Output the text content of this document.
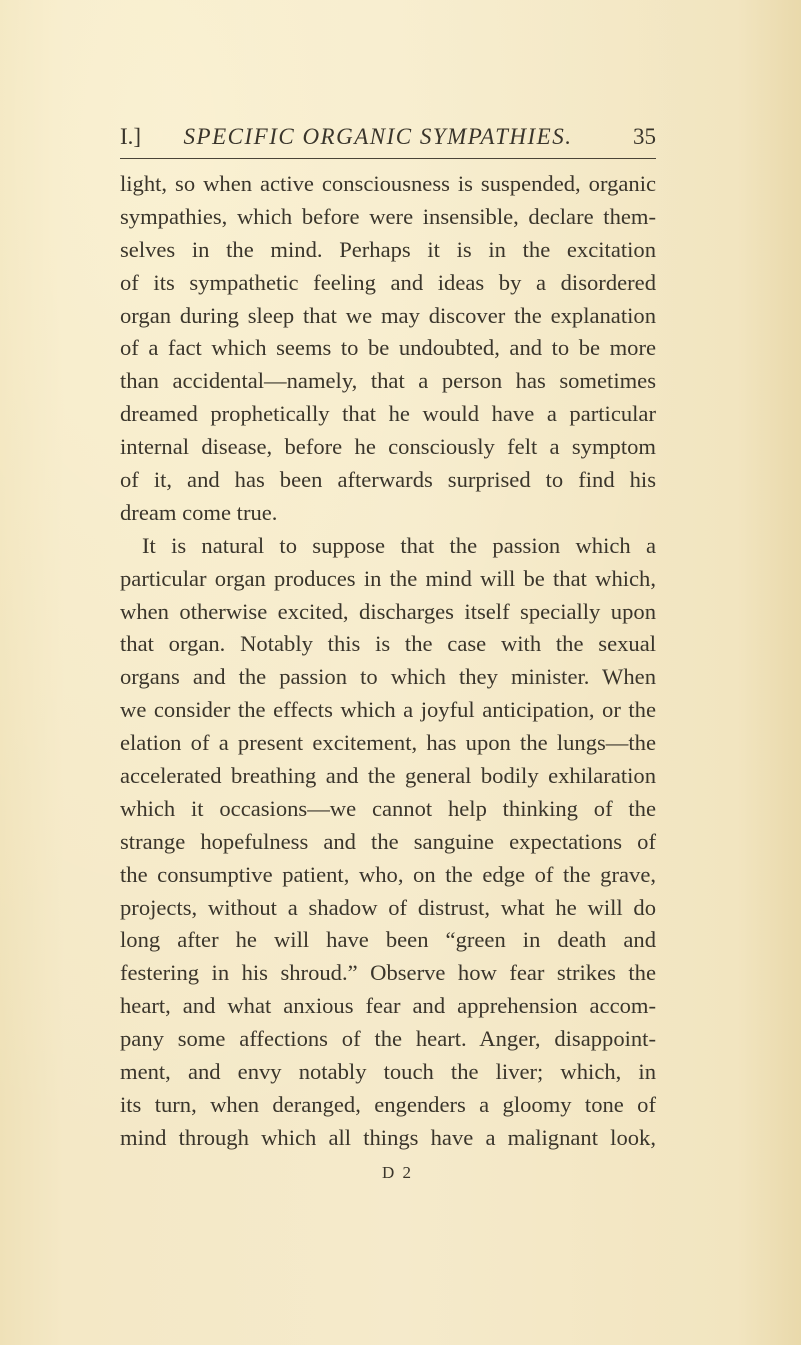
I.]	SPECIFIC ORGANIC SYMPATHIES.	35
light, so when active consciousness is suspended, organic
sympathies, which before were insensible, declare them-
selves in the mind. Perhaps it is in the excitation
of its sympathetic feeling and ideas by a disordered
organ during sleep that we may discover the explanation
of a fact which seems to be undoubted, and to be more
than accidental—namely, that a person has sometimes
dreamed prophetically that he would have a particular
internal disease, before he consciously felt a symptom
of it, and has been afterwards surprised to find his
dream come true.
It is natural to suppose that the passion which a
particular organ produces in the mind will be that which,
when otherwise excited, discharges itself specially upon
that organ. Notably this is the case with the sexual
organs and the passion to which they minister. When
we consider the effects which a joyful anticipation, or the
elation of a present excitement, has upon the lungs—the
accelerated breathing and the general bodily exhilaration
which it occasions—we cannot help thinking of the
strange hopefulness and the sanguine expectations of
the consumptive patient, who, on the edge of the grave,
projects, without a shadow of distrust, what he will do
long after he will have been “green in death and
festering in his shroud.” Observe how fear strikes the
heart, and what anxious fear and apprehension accom-
pany some affections of the heart. Anger, disappoint-
ment, and envy notably touch the liver; which, in
its turn, when deranged, engenders a gloomy tone of
mind through which all things have a malignant look,
D 2
